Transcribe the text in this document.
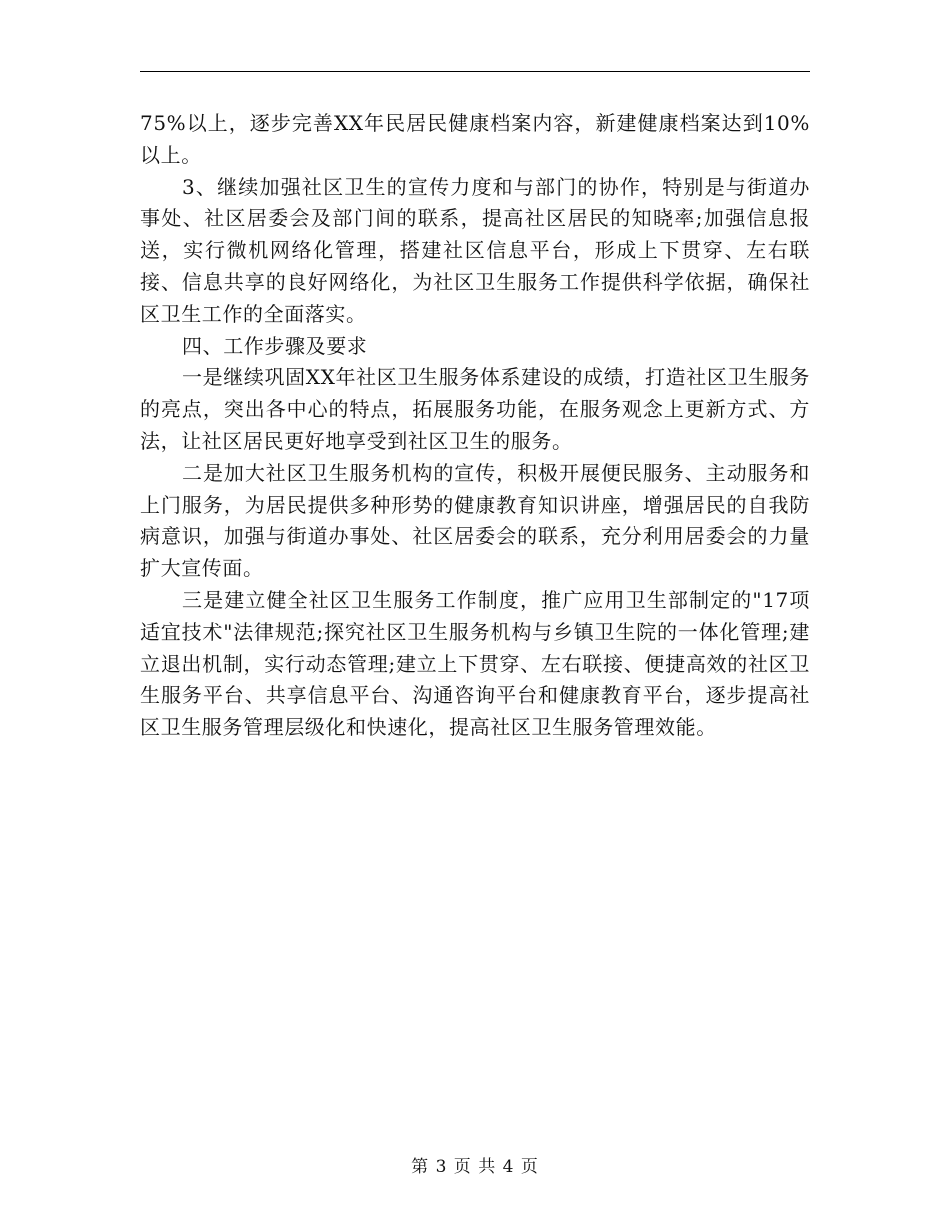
75%以上，逐步完善XX年民居民健康档案内容，新建健康档案达到10%以上。

3、继续加强社区卫生的宣传力度和与部门的协作，特别是与街道办事处、社区居委会及部门间的联系，提高社区居民的知晓率;加强信息报送，实行微机网络化管理，搭建社区信息平台，形成上下贯穿、左右联接、信息共享的良好网络化，为社区卫生服务工作提供科学依据，确保社区卫生工作的全面落实。

四、工作步骤及要求

一是继续巩固XX年社区卫生服务体系建设的成绩，打造社区卫生服务的亮点，突出各中心的特点，拓展服务功能，在服务观念上更新方式、方法，让社区居民更好地享受到社区卫生的服务。

二是加大社区卫生服务机构的宣传，积极开展便民服务、主动服务和上门服务，为居民提供多种形势的健康教育知识讲座，增强居民的自我防病意识，加强与街道办事处、社区居委会的联系，充分利用居委会的力量扩大宣传面。

三是建立健全社区卫生服务工作制度，推广应用卫生部制定的"17项适宜技术"法律规范;探究社区卫生服务机构与乡镇卫生院的一体化管理;建立退出机制，实行动态管理;建立上下贯穿、左右联接、便捷高效的社区卫生服务平台、共享信息平台、沟通咨询平台和健康教育平台，逐步提高社区卫生服务管理层级化和快速化，提高社区卫生服务管理效能。

第 3 页 共 4 页
